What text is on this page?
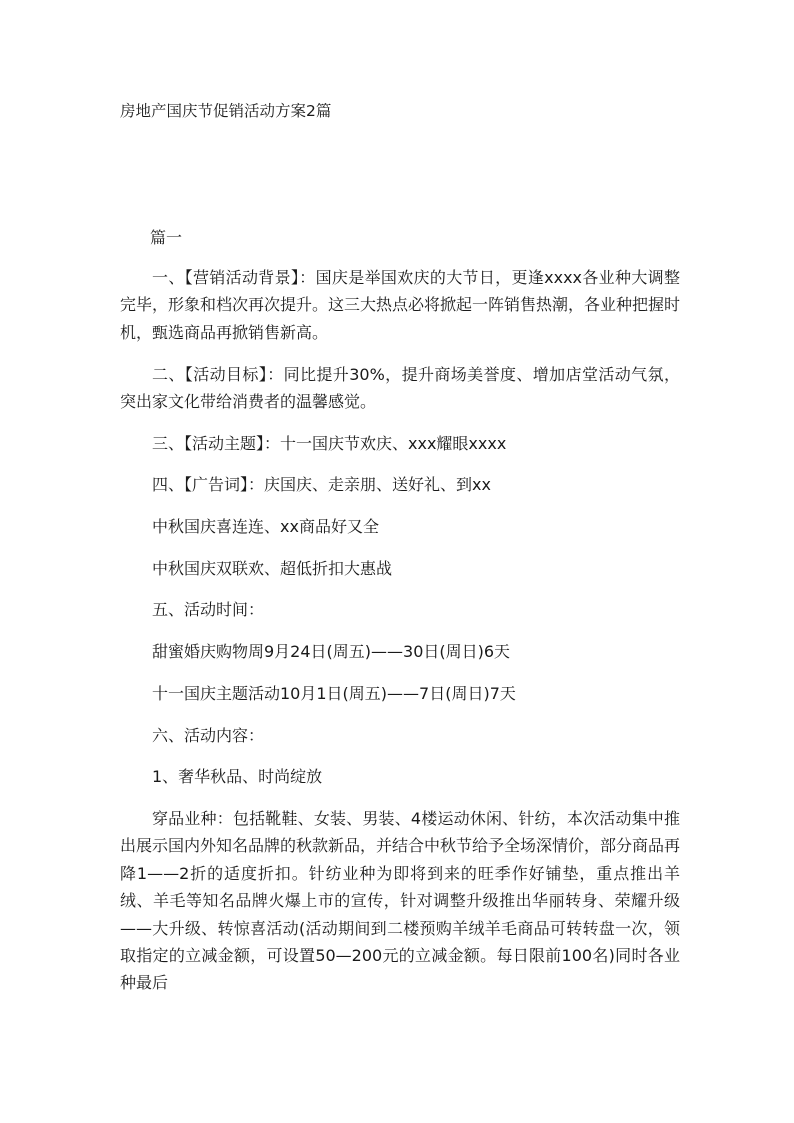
房地产国庆节促销活动方案2篇
篇一

一、【营销活动背景】：国庆是举国欢庆的大节日，更逢xxxx各业种大调整完毕，形象和档次再次提升。这三大热点必将掀起一阵销售热潮，各业种把握时机，甄选商品再掀销售新高。

二、【活动目标】：同比提升30%，提升商场美誉度、增加店堂活动气氛，突出家文化带给消费者的温馨感觉。

三、【活动主题】：十一国庆节欢庆、xxx耀眼xxxx

四、【广告词】：庆国庆、走亲朋、送好礼、到xx

中秋国庆喜连连、xx商品好又全

中秋国庆双联欢、超低折扣大惠战

五、活动时间：

甜蜜婚庆购物周9月24日(周五)——30日(周日)6天

十一国庆主题活动10月1日(周五)——7日(周日)7天

六、活动内容：

1、奢华秋品、时尚绽放

穿品业种：包括靴鞋、女装、男装、4楼运动休闲、针纺，本次活动集中推出展示国内外知名品牌的秋款新品，并结合中秋节给予全场深情价，部分商品再降1——2折的适度折扣。针纺业种为即将到来的旺季作好铺垫，重点推出羊绒、羊毛等知名品牌火爆上市的宣传，针对调整升级推出华丽转身、荣耀升级——大升级、转惊喜活动(活动期间到二楼预购羊绒羊毛商品可转转盘一次，领取指定的立减金额，可设置50—200元的立减金额。每日限前100名)同时各业种最后
